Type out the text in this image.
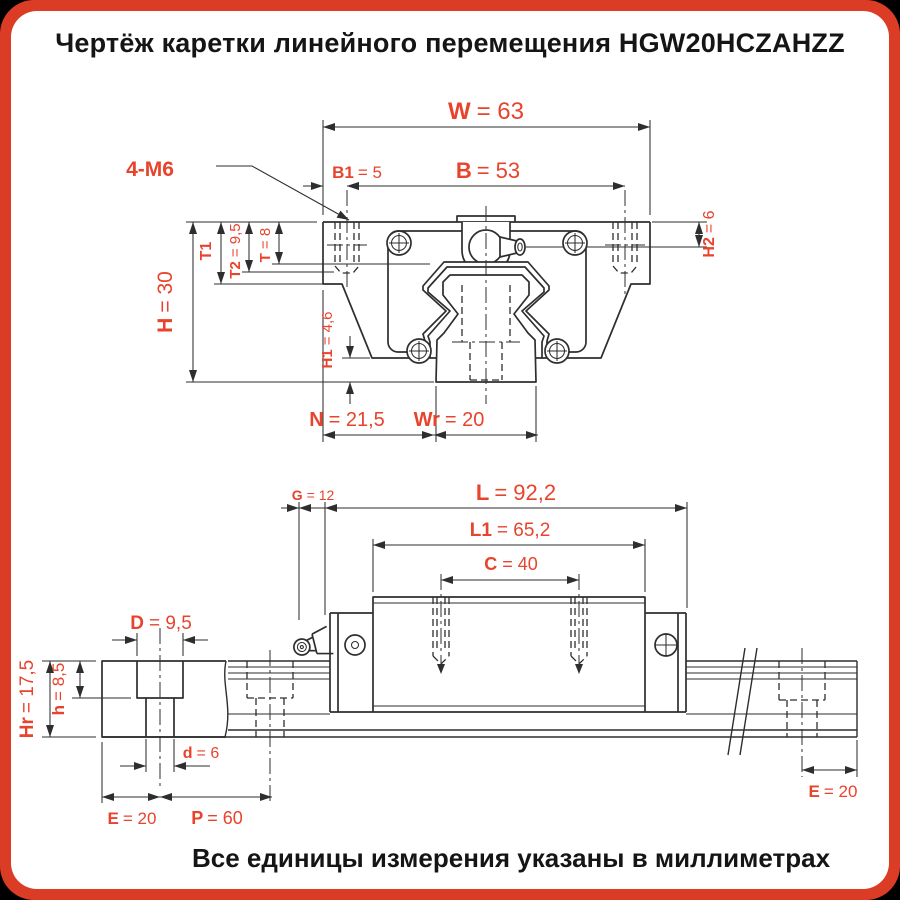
Чертёж каретки линейного перемещения HGW20HCZAHZZ
W = 63
B1 = 5	B = 53
H2= 6
H= 30
T1
T2= 9,5
T= 8
H1= 4,6
N = 21,5 Wr = 20
4-M6
G = 12	L = 92,2
L1 = 65,2
C = 40
D = 9,5
Hr= 17,5 h= 8,5
d = 6
E = 20 P = 60
E = 20
Все единицы измерения указаны в миллиметрах
